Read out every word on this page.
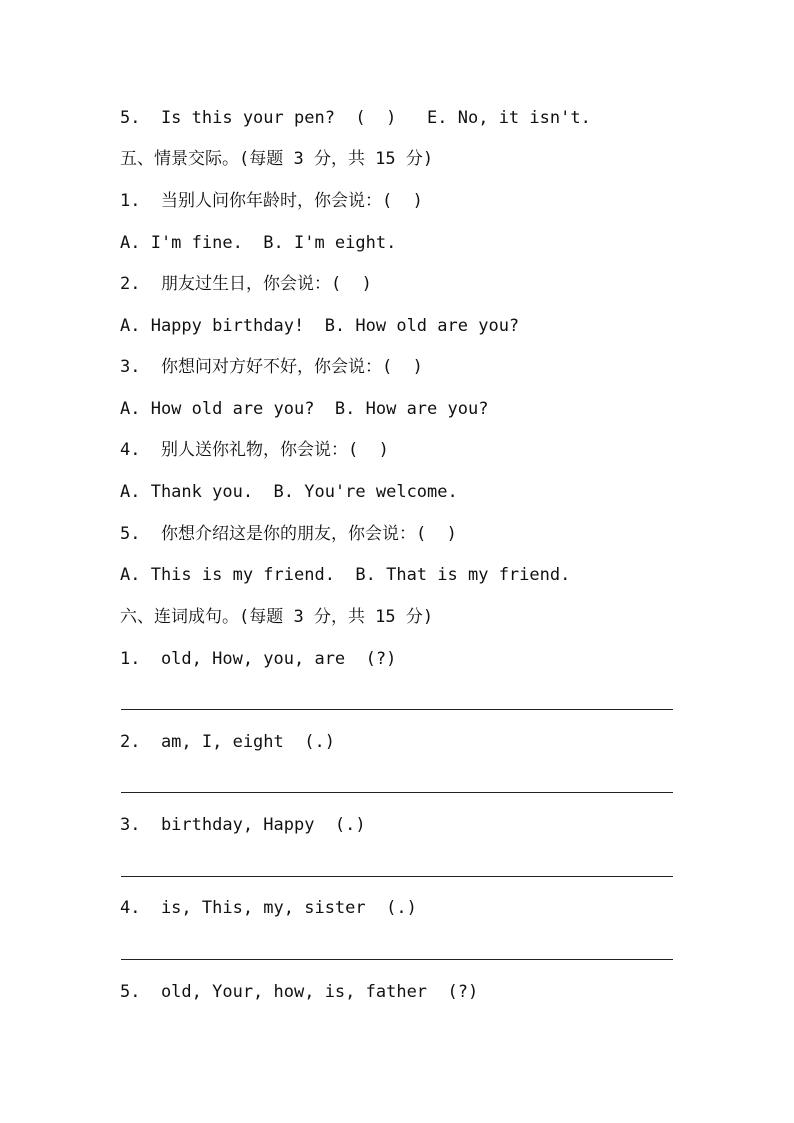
5.  Is this your pen?  (  )   E. No, it isn't.
五、情景交际。(每题 3 分，共 15 分)
1.  当别人问你年龄时，你会说：(  )
A. I'm fine.  B. I'm eight.
2.  朋友过生日，你会说：(  )
A. Happy birthday!  B. How old are you?
3.  你想问对方好不好，你会说：(  )
A. How old are you?  B. How are you?
4.  别人送你礼物，你会说：(  )
A. Thank you.  B. You're welcome.
5.  你想介绍这是你的朋友，你会说：(  )
A. This is my friend.  B. That is my friend.
六、连词成句。(每题 3 分，共 15 分)
1.  old, How, you, are  (?)
2.  am, I, eight  (.)
3.  birthday, Happy  (.)
4.  is, This, my, sister  (.)
5.  old, Your, how, is, father  (?)
